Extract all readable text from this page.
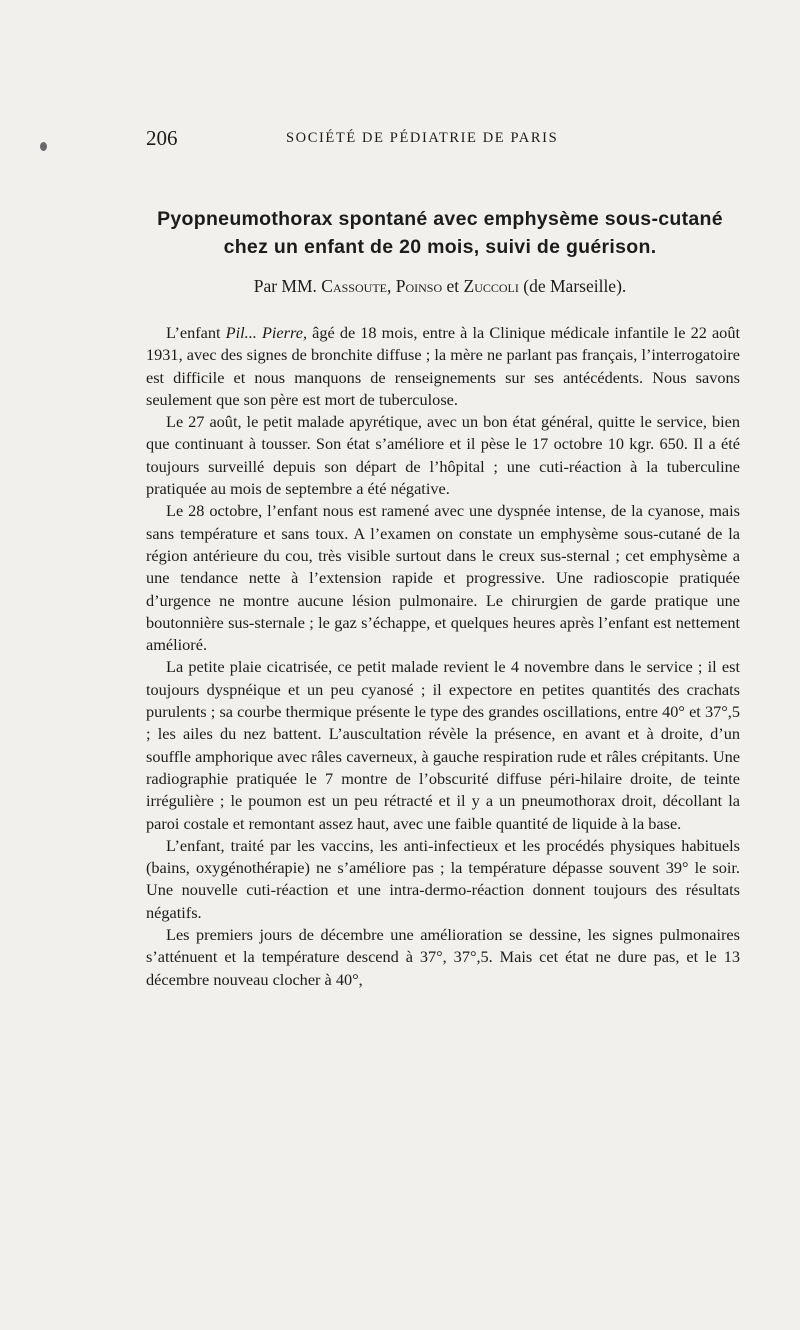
206	SOCIÉTÉ DE PÉDIATRIE DE PARIS
Pyopneumothorax spontané avec emphysème sous-cutané
chez un enfant de 20 mois, suivi de guérison.
Par MM. Cassoute, Poinso et Zuccoli (de Marseille).

L’enfant Pil... Pierre, âgé de 18 mois, entre à la Clinique médicale infantile le 22 août 1931, avec des signes de bronchite diffuse ; la mère ne parlant pas français, l’interrogatoire est difficile et nous manquons de renseignements sur ses antécédents. Nous savons seulement que son père est mort de tuberculose.

Le 27 août, le petit malade apyrétique, avec un bon état général, quitte le service, bien que continuant à tousser. Son état s’améliore et il pèse le 17 octobre 10 kgr. 650. Il a été toujours surveillé depuis son départ de l’hôpital ; une cuti-réaction à la tuberculine pratiquée au mois de septembre a été négative.

Le 28 octobre, l’enfant nous est ramené avec une dyspnée intense, de la cyanose, mais sans température et sans toux. A l’examen on constate un emphysème sous-cutané de la région antérieure du cou, très visible surtout dans le creux sus-sternal ; cet emphysème a une tendance nette à l’extension rapide et progressive. Une radioscopie pratiquée d’urgence ne montre aucune lésion pulmonaire. Le chirurgien de garde pratique une boutonnière sus-sternale ; le gaz s’échappe, et quelques heures après l’enfant est nettement amélioré.

La petite plaie cicatrisée, ce petit malade revient le 4 novembre dans le service ; il est toujours dyspnéique et un peu cyanosé ; il expectore en petites quantités des crachats purulents ; sa courbe thermique présente le type des grandes oscillations, entre 40° et 37°,5 ; les ailes du nez battent. L’auscultation révèle la présence, en avant et à droite, d’un souffle amphorique avec râles caverneux, à gauche respiration rude et râles crépitants. Une radiographie pratiquée le 7 montre de l’obscurité diffuse péri-hilaire droite, de teinte irrégulière ; le poumon est un peu rétracté et il y a un pneumothorax droit, décollant la paroi costale et remontant assez haut, avec une faible quantité de liquide à la base.

L’enfant, traité par les vaccins, les anti-infectieux et les procédés physiques habituels (bains, oxygénothérapie) ne s’améliore pas ; la température dépasse souvent 39° le soir. Une nouvelle cuti-réaction et une intra-dermo-réaction donnent toujours des résultats négatifs.

Les premiers jours de décembre une amélioration se dessine, les signes pulmonaires s’atténuent et la température descend à 37°, 37°,5. Mais cet état ne dure pas, et le 13 décembre nouveau clocher à 40°,
